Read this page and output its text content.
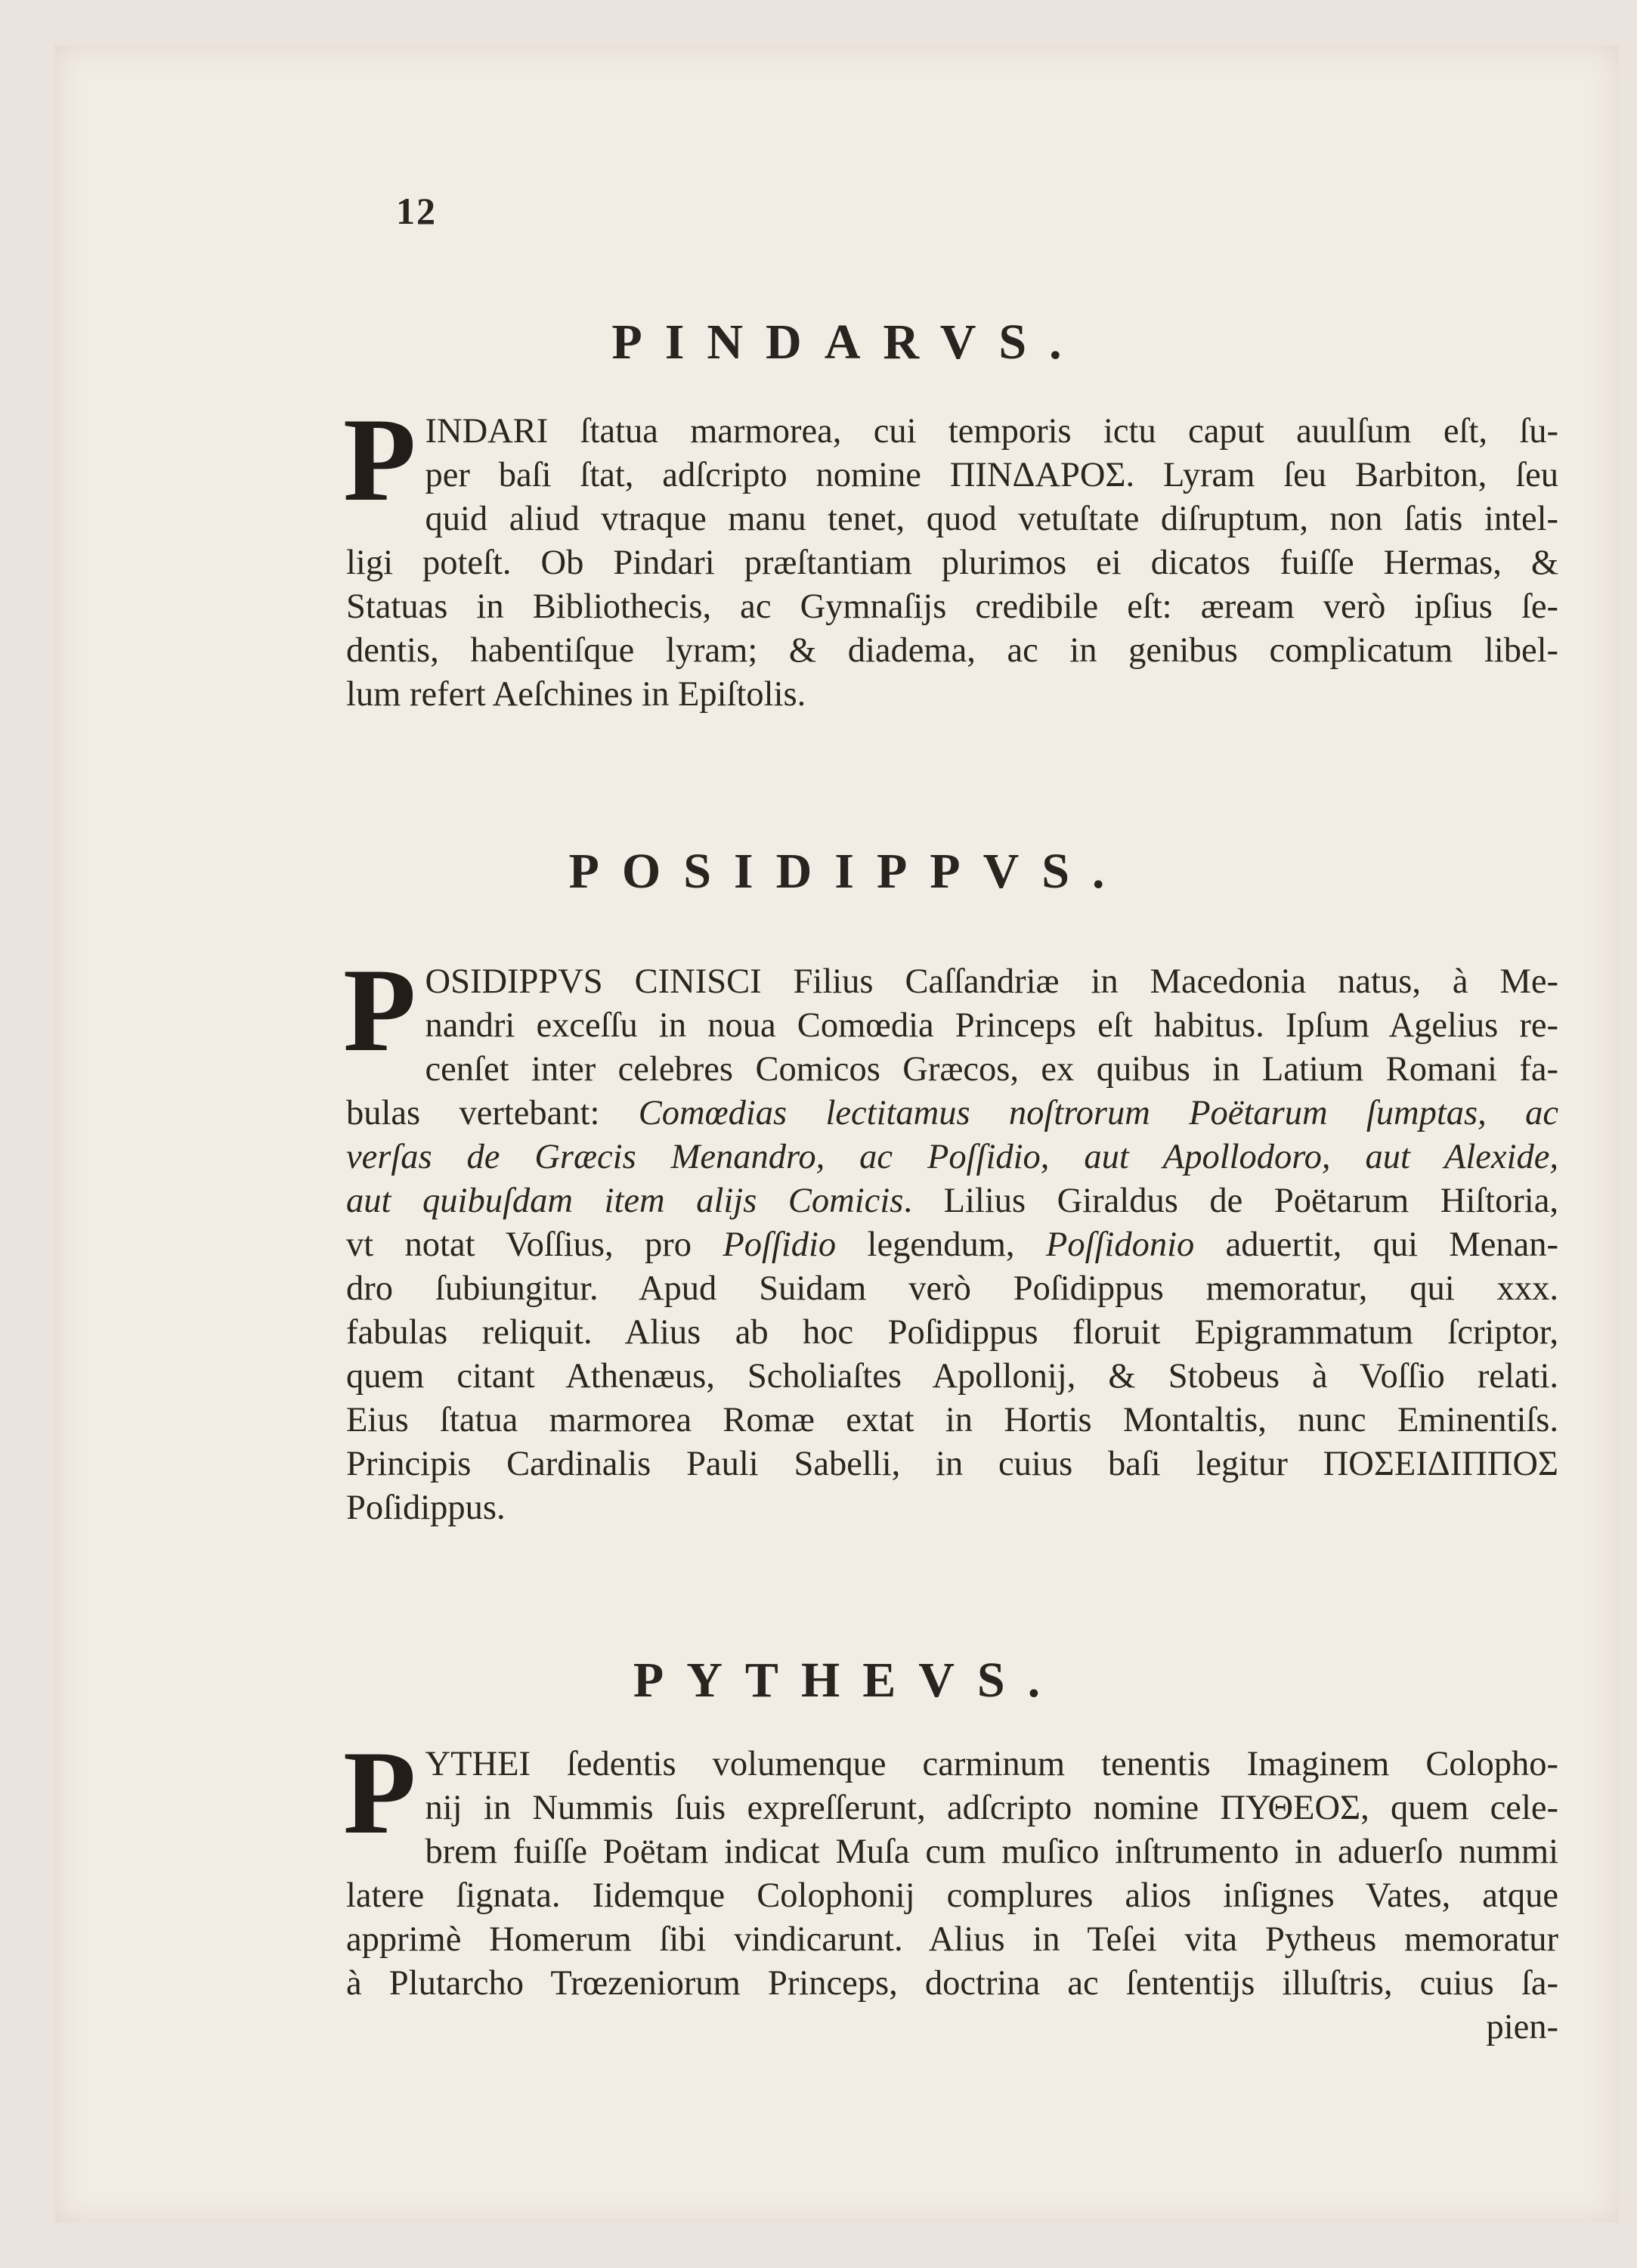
12
PINDARVS.
P INDARI ſtatua marmorea, cui temporis ictu caput auulſum eſt, ſu-

per baſi ſtat, adſcripto nomine ΠΙΝΔΑΡΟΣ. Lyram ſeu Barbiton, ſeu

quid aliud vtraque manu tenet, quod vetuſtate diſruptum, non ſatis intel-

ligi poteſt. Ob Pindari præſtantiam plurimos ei dicatos fuiſſe Hermas, &

Statuas in Bibliothecis, ac Gymnaſijs credibile eſt: æream verò ipſius ſe-

dentis, habentiſque lyram; & diadema, ac in genibus complicatum libel-

lum refert Aeſchines in Epiſtolis.

POSIDIPPVS.
P OSIDIPPVS CINISCI Filius Caſſandriæ in Macedonia natus, à Me-

nandri exceſſu in noua Comœdia Princeps eſt habitus. Ipſum Agelius re-

cenſet inter celebres Comicos Græcos, ex quibus in Latium Romani fa-

bulas vertebant: Comœdias lectitamus noſtrorum Poëtarum ſumptas, ac

verſas de Græcis Menandro, ac Poſſidio, aut Apollodoro, aut Alexide,

aut quibuſdam item alijs Comicis. Lilius Giraldus de Poëtarum Hiſtoria,

vt notat Voſſius, pro Poſſidio legendum, Poſſidonio aduertit, qui Menan-

dro ſubiungitur. Apud Suidam verò Poſidippus memoratur, qui xxx.

fabulas reliquit. Alius ab hoc Poſidippus floruit Epigrammatum ſcriptor,

quem citant Athenæus, Scholiaſtes Apollonij, & Stobeus à Voſſio relati.

Eius ſtatua marmorea Romæ extat in Hortis Montaltis, nunc Eminentiſs.

Principis Cardinalis Pauli Sabelli, in cuius baſi legitur ΠΟΣΕΙΔΙΠΠΟΣ

Poſidippus.

PYTHEVS.
P YTHEI ſedentis volumenque carminum tenentis Imaginem Colopho-

nij in Nummis ſuis expreſſerunt, adſcripto nomine ΠΥΘΕΟΣ, quem cele-

brem fuiſſe Poëtam indicat Muſa cum muſico inſtrumento in aduerſo nummi

latere ſignata. Iidemque Colophonij complures alios inſignes Vates, atque

apprimè Homerum ſibi vindicarunt. Alius in Teſei vita Pytheus memoratur

à Plutarcho Trœzeniorum Princeps, doctrina ac ſententijs illuſtris, cuius ſa-

pien-
